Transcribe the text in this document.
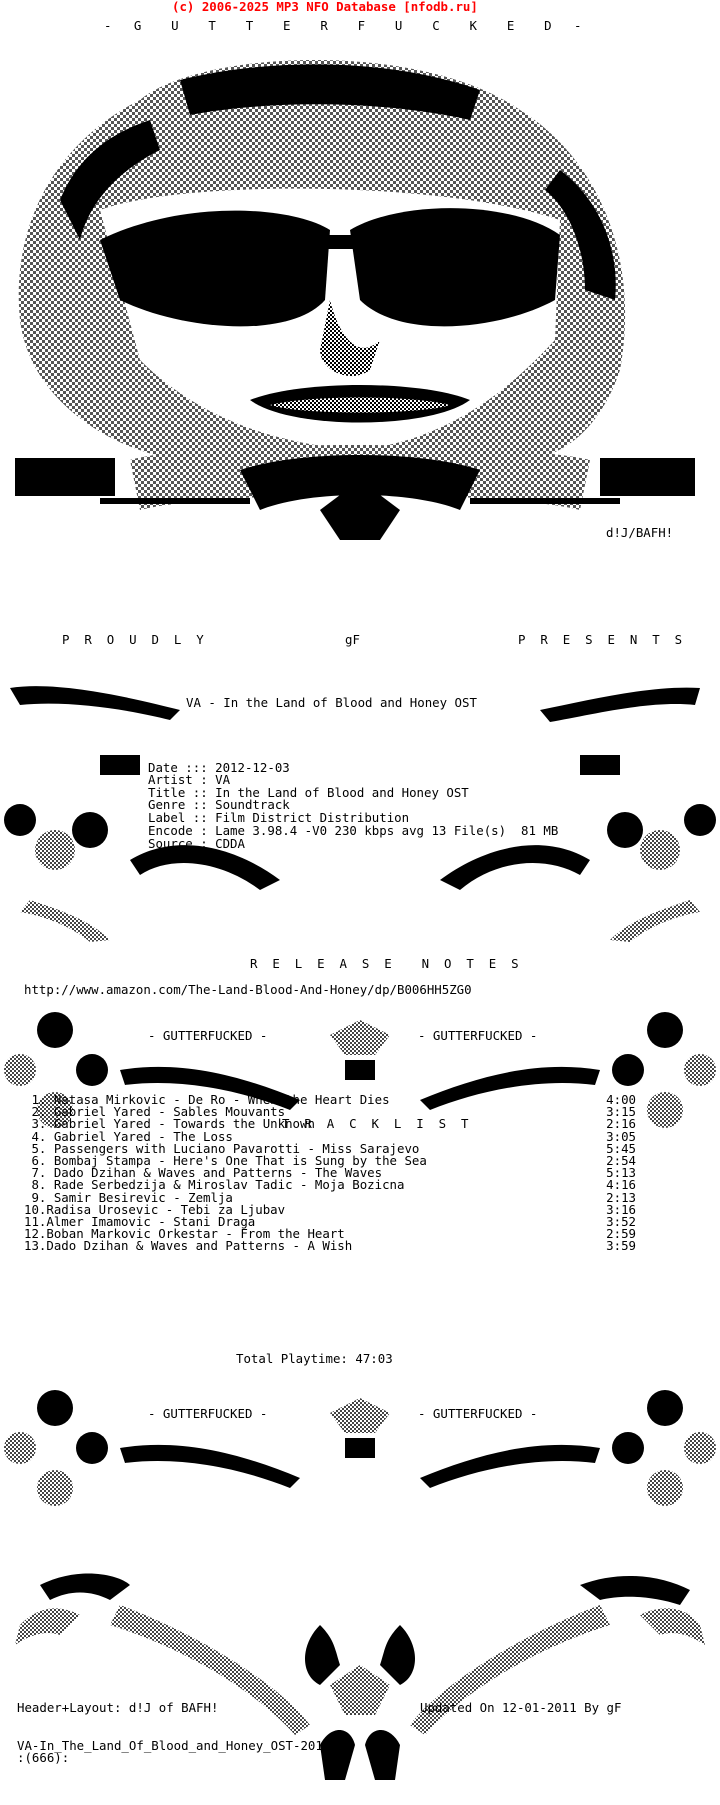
(c) 2006-2025 MP3 NFO Database [nfodb.ru]
-   G    U    T    T    E    R    F    U    C    K    E    D   -
d!J/BAFH!
P  R  O  U  D  L  Y	gF	P  R  E  S  E  N  T  S
VA - In the Land of Blood and Honey OST
Date ::: 2012-12-03
Artist : VA
Title :: In the Land of Blood and Honey OST
Genre :: Soundtrack
Label :: Film District Distribution
Encode : Lame 3.98.4 -V0 230 kbps avg 13 File(s)  81 MB
Source : CDDA
R  E  L  E  A  S  E    N  O  T  E  S
http://www.amazon.com/The-Land-Blood-And-Honey/dp/B006HH5ZG0
- GUTTERFUCKED -	- GUTTERFUCKED -
T  R  A  C  K  L  I  S  T
1. Natasa Mirkovic - De Ro - When the Heart Dies	4:00
2. Gabriel Yared - Sables Mouvants	3:15
3. Gabriel Yared - Towards the Unknown	2:16
4. Gabriel Yared - The Loss	3:05
5. Passengers with Luciano Pavarotti - Miss Sarajevo	5:45
6. Bombaj Stampa - Here's One That is Sung by the Sea	2:54
7. Dado Dzihan & Waves and Patterns - The Waves	5:13
8. Rade Serbedzija & Miroslav Tadic - Moja Bozicna	4:16
9. Samir Besirevic - Zemlja	2:13
10.Radisa Urosevic - Tebi za Ljubav	3:16
11.Almer Imamovic - Stani Draga	3:52
12.Boban Markovic Orkestar - From the Heart	2:59
13.Dado Dzihan & Waves and Patterns - A Wish	3:59
Total Playtime: 47:03
- GUTTERFUCKED -	- GUTTERFUCKED -
Header+Layout: d!J of BAFH!	Updated On 12-01-2011 By gF
VA-In_The_Land_Of_Blood_and_Honey_OST-2011-gF
:(666):
